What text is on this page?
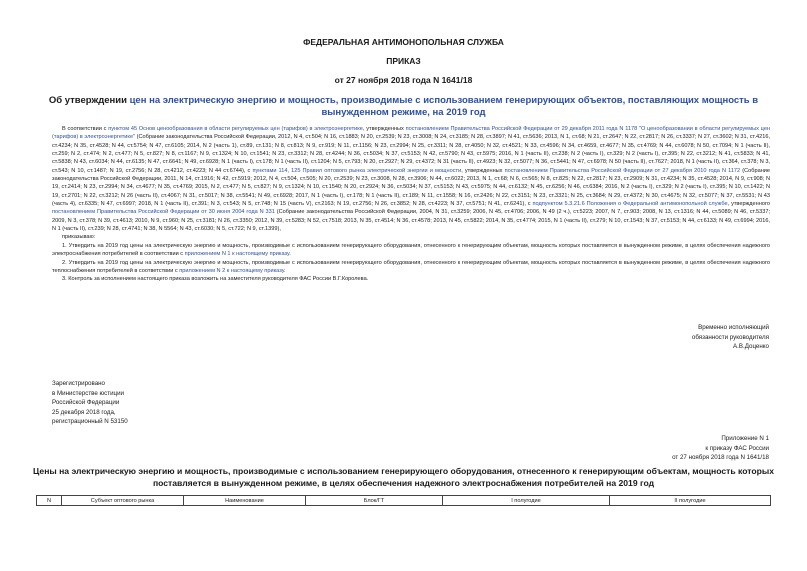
ФЕДЕРАЛЬНАЯ АНТИМОНОПОЛЬНАЯ СЛУЖБА
ПРИКАЗ
от 27 ноября 2018 года N 1641/18
Об утверждении цен на электрическую энергию и мощность, производимые с использованием генерирующих объектов, поставляющих мощность в вынужденном режиме, на 2019 год

В соответствии с пунктом 45 Основ ценообразования в области регулируемых цен (тарифов) в электроэнергетике, утвержденных постановлением Правительства Российской Федерации от 29 декабря 2011 года N 1178 "О ценообразовании в области регулируемых цен (тарифов) в электроэнергетике" (Собрание законодательства Российской Федерации, 2012, N 4, ст.504; N 16, ст.1883; N 20, ст.2539; N 23, ст.3008; N 24, ст.3185; N 28, ст.3897; N 41, ст.5636; 2013, N 1, ст.68; N 21, ст.2647; N 22, ст.2817; N 26, ст.3337; N 27, ст.3602; N 31, ст.4216, ст.4234; N 35, ст.4528; N 44, ст.5754; N 47, ст.6105; 2014, N 2 (часть 1), ст.89, ст.131; N 8, ст.813; N 9, ст.919; N 11, ст.1156; N 23, ст.2994; N 25, ст.3311; N 28, ст.4050; N 32, ст.4521; N 33, ст.4596; N 34, ст.4659, ст.4677; N 35, ст.4769; N 44, ст.6078; N 50, ст.7094; N 1 (часть II), ст.259; N 2, ст.474; N 2, ст.477; N 5, ст.827; N 8, ст.1167; N 9, ст.1324; N 10, ст.1541; N 23, ст.3312; N 28, ст.4244; N 36, ст.5034; N 37, ст.5153; N 42, ст.5790; N 43, ст.5975; 2016, N 1 (часть II), ст.238; N 2 (часть I), ст.329; N 2 (часть I), ст.395; N 22, ст.3212; N 41, ст.5833; N 41, ст.5838; N 43, ст.6034; N 44, ст.6135; N 47, ст.6641; N 49, ст.6928; N 1 (часть I), ст.178; N 1 (часть II), ст.1204; N 5, ст.793; N 20, ст.2927; N 29, ст.4372; N 31 (часть II), ст.4923; N 32, ст.5077; N 36, ст.5441; N 47, ст.6978; N 50 (часть II), ст.7627; 2018, N 1 (часть II), ст.364, ст.378; N 3, ст.543; N 10, ст.1487; N 19, ст.2756; N 28, ст.4212, ст.4223; N 44 ст.6744), с пунктами 114, 125 Правил оптового рынка электрической энергии и мощности, утвержденных постановлением Правительства Российской Федерации от 27 декабря 2010 года N 1172 (Собрание законодательства Российской Федерации, 2011, N 14, ст.1916; N 42, ст.5919; 2012, N 4, ст.504, ст.505; N 20, ст.2539; N 23, ст.3008, N 28, ст.3906; N 44, ст.6022; 2013, N 1, ст.68; N 6, ст.565; N 8, ст.825; N 22, ст.2817; N 23, ст.2909; N 31, ст.4234; N 35, ст.4528; 2014, N 9, ст.908; N 19, ст.2414; N 23, ст.2994; N 34, ст.4677; N 35, ст.4769; 2015, N 2, ст.477; N 5, ст.827; N 9, ст.1324; N 10, ст.1540; N 20, ст.2924; N 36, ст.5034; N 37, ст.5153; N 43, ст.5975; N 44, ст.6132; N 45, ст.6256; N 46, ст.6384; 2016, N 2 (часть I), ст.329; N 2 (часть I), ст.395; N 10, ст.1422; N 19, ст.2701; N 22, ст.3212; N 26 (часть II), ст.4067; N 31, ст.5017; N 38, ст.5541; N 49, ст.6928; 2017, N 1 (часть I), ст.178; N 1 (часть II), ст.189; N 11, ст.1558; N 16, ст.2426; N 22, ст.3151; N 23, ст.3321; N 25, ст.3684; N 29, ст.4372; N 30, ст.4675; N 32, ст.5077; N 37, ст.5531; N 43 (часть 4), ст.6335; N 47, ст.6997; 2018, N 1 (часть II), ст.391; N 3, ст.543; N 5, ст.748; N 15 (часть V), ст.2163; N 19, ст.2756; N 26, ст.3852; N 28, ст.4223; N 37, ст.5751; N 41, ст.6241), с подпунктом 5.3.21.6 Положения о Федеральной антимонопольной службе, утвержденного постановлением Правительства Российской Федерации от 30 июня 2004 года N 331 (Собрание законодательства Российской Федерации, 2004, N 31, ст.3259; 2006, N 45, ст.4706; 2006, N 49 (2 ч.), ст.5223; 2007, N 7, ст.903; 2008, N 13, ст.1316; N 44, ст.5089; N 46, ст.5337; 2009, N 3, ст.378; N 39, ст.4613; 2010, N 9, ст.960; N 25, ст.3181; N 26, ст.3350; 2012, N 39, ст.5283; N 52, ст.7518; 2013, N 35, ст.4514; N 36, ст.4578; 2013, N 45, ст.5822; 2014, N 35, ст.4774; 2015, N 1 (часть II), ст.279; N 10, ст.1543; N 37, ст.5153; N 44, ст.6133; N 49, ст.6994; 2016, N 1 (часть II), ст.239; N 28, ст.4741; N 38, N 5564; N 43, ст.6030; N 5, ст.722; N 9, ст.1399),

приказываю:

1. Утвердить на 2019 год цены на электрическую энергию и мощность, производимые с использованием генерирующего оборудования, отнесенного к генерирующим объектам, мощность которых поставляется в вынужденном режиме, в целях обеспечения надежного электроснабжения потребителей в соответствии с приложением N 1 к настоящему приказу.

2. Утвердить на 2019 год цены на электрическую энергию и мощность, производимые с использованием генерирующего оборудования, отнесенного к генерирующим объектам, мощность которых поставляется в вынужденном режиме, в целях обеспечения надежного теплоснабжения потребителей в соответствии с приложением N 2 к настоящему приказу.

3. Контроль за исполнением настоящего приказа возложить на заместителя руководителя ФАС России В.Г.Королева.

Временно исполняющий
обязанности руководителя
А.В.Доценко
Зарегистрировано
в Министерстве юстиции
Российской Федерации
25 декабря 2018 года,
регистрационный N 53150
Приложение N 1
к приказу ФАС России
от 27 ноября 2018 года N 1641/18
Цены на электрическую энергию и мощность, производимые с использованием генерирующего оборудования, отнесенного к генерирующим объектам, мощность которых поставляется в вынужденном режиме, в целях обеспечения надежного электроснабжения потребителей на 2019 год
N	Субъект оптового рынка	Наименование	Блок/ГТ	I полугодие	II полугодие
